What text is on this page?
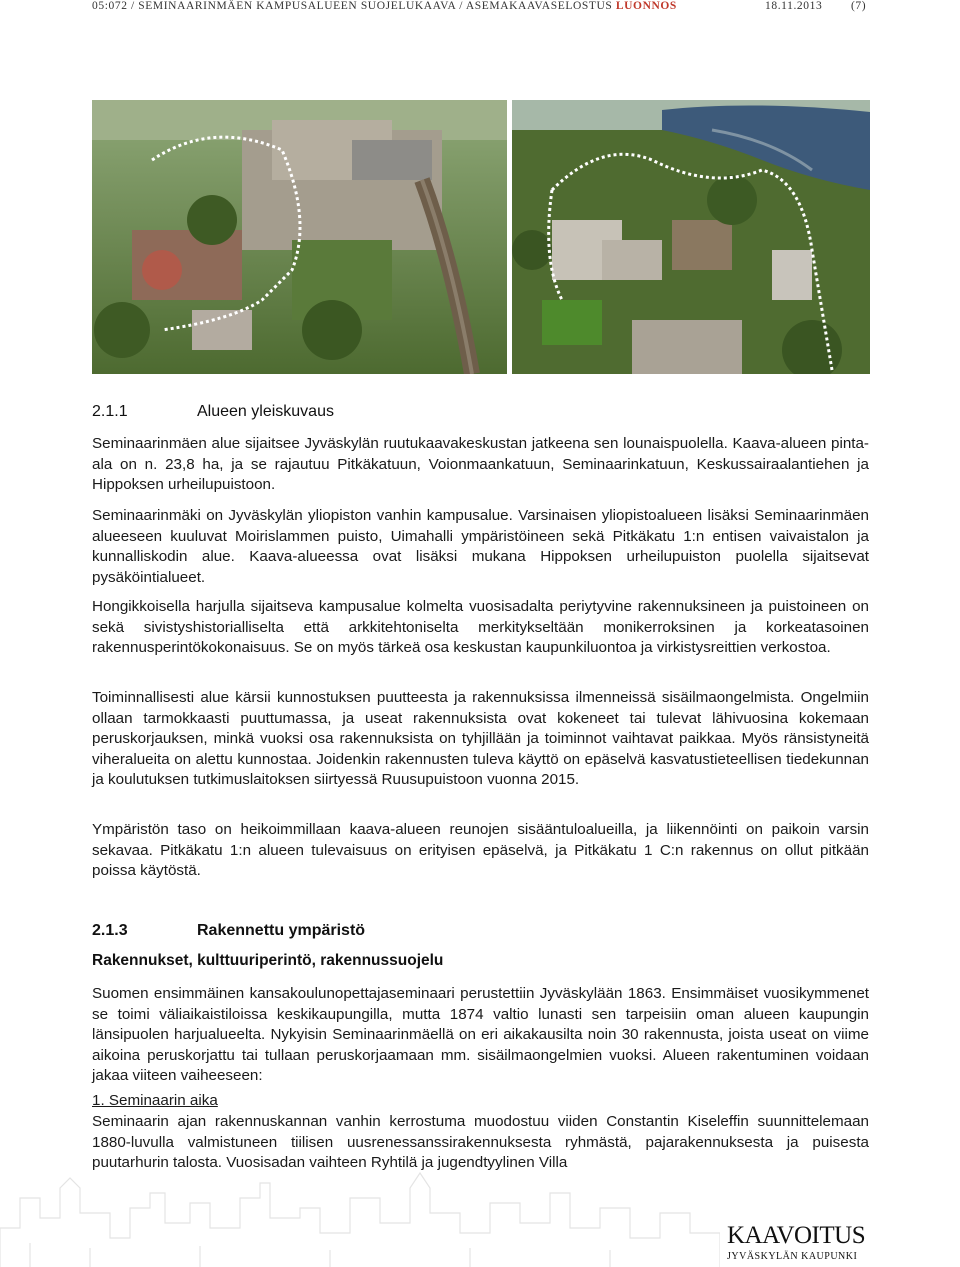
05:072 / SEMINAARINMÄEN KAMPUSALUEEN SUOJELUKAAVA / ASEMAKAAVASELOSTUS LUONNOS	18.11.2013 (7)
2.1.1	Alueen yleiskuvaus

Seminaarinmäen alue sijaitsee Jyväskylän ruutukaavakeskustan jatkeena sen lounaispuolella. Kaava-alueen pinta-ala on n. 23,8 ha, ja se rajautuu Pitkäkatuun, Voionmaankatuun, Seminaarinkatuun, Keskussairaalantiehen ja Hippoksen urheilupuistoon.

Seminaarinmäki on Jyväskylän yliopiston vanhin kampusalue. Varsinaisen yliopistoalueen lisäksi Seminaarinmäen alueeseen kuuluvat Moirislammen puisto, Uimahalli ympäristöineen sekä Pitkäkatu 1:n entisen vaivaistalon ja kunnalliskodin alue. Kaava-alueessa ovat lisäksi mukana Hippoksen urheilupuiston puolella sijaitsevat pysäköintialueet.

Hongikkoisella harjulla sijaitseva kampusalue kolmelta vuosisadalta periytyvine rakennuksineen ja puistoineen on sekä sivistyshistorialliselta että arkkitehtoniselta merkitykseltään monikerroksinen ja korkeatasoinen rakennusperintökokonaisuus. Se on myös tärkeä osa keskustan kaupunkiluontoa ja virkistysreittien verkostoa.

Toiminnallisesti alue kärsii kunnostuksen puutteesta ja rakennuksissa ilmenneissä sisäilmaongelmista. Ongelmiin ollaan tarmokkaasti puuttumassa, ja useat rakennuksista ovat kokeneet tai tulevat lähivuosina kokemaan peruskorjauksen, minkä vuoksi osa rakennuksista on tyhjillään ja toiminnot vaihtavat paikkaa. Myös ränsistyneitä viheralueita on alettu kunnostaa. Joidenkin rakennusten tuleva käyttö on epäselvä kasvatustieteellisen tiedekunnan ja koulutuksen tutkimuslaitoksen siirtyessä Ruusupuistoon vuonna 2015.

Ympäristön taso on heikoimmillaan kaava-alueen reunojen sisääntuloalueilla, ja liikennöinti on paikoin varsin sekavaa. Pitkäkatu 1:n alueen tulevaisuus on erityisen epäselvä, ja Pitkäkatu 1 C:n rakennus on ollut pitkään poissa käytöstä.

2.1.3	Rakennettu ympäristö
Rakennukset, kulttuuriperintö, rakennussuojelu

Suomen ensimmäinen kansakoulunopettajaseminaari perustettiin Jyväskylään 1863. Ensimmäiset vuosikymmenet se toimi väliaikaistiloissa keskikaupungilla, mutta 1874 valtio lunasti sen tarpeisiin oman alueen kaupungin länsipuolen harjualueelta. Nykyisin Seminaarinmäellä on eri aikakausilta noin 30 rakennusta, joista useat on viime aikoina peruskorjattu tai tullaan peruskorjaamaan mm. sisäilmaongelmien vuoksi. Alueen rakentuminen voidaan jakaa viiteen vaiheeseen:

1. Seminaarin aika

Seminaarin ajan rakennuskannan vanhin kerrostuma muodostuu viiden Constantin Kiseleffin suunnittelemaan 1880-luvulla valmistuneen tiilisen uusrenessanssirakennuksesta ryhmästä, pajarakennuksesta ja puisesta puutarhurin talosta. Vuosisadan vaihteen Ryhtilä ja jugendtyylinen Villa

KAAVOITUS
JYVÄSKYLÄN KAUPUNKI
